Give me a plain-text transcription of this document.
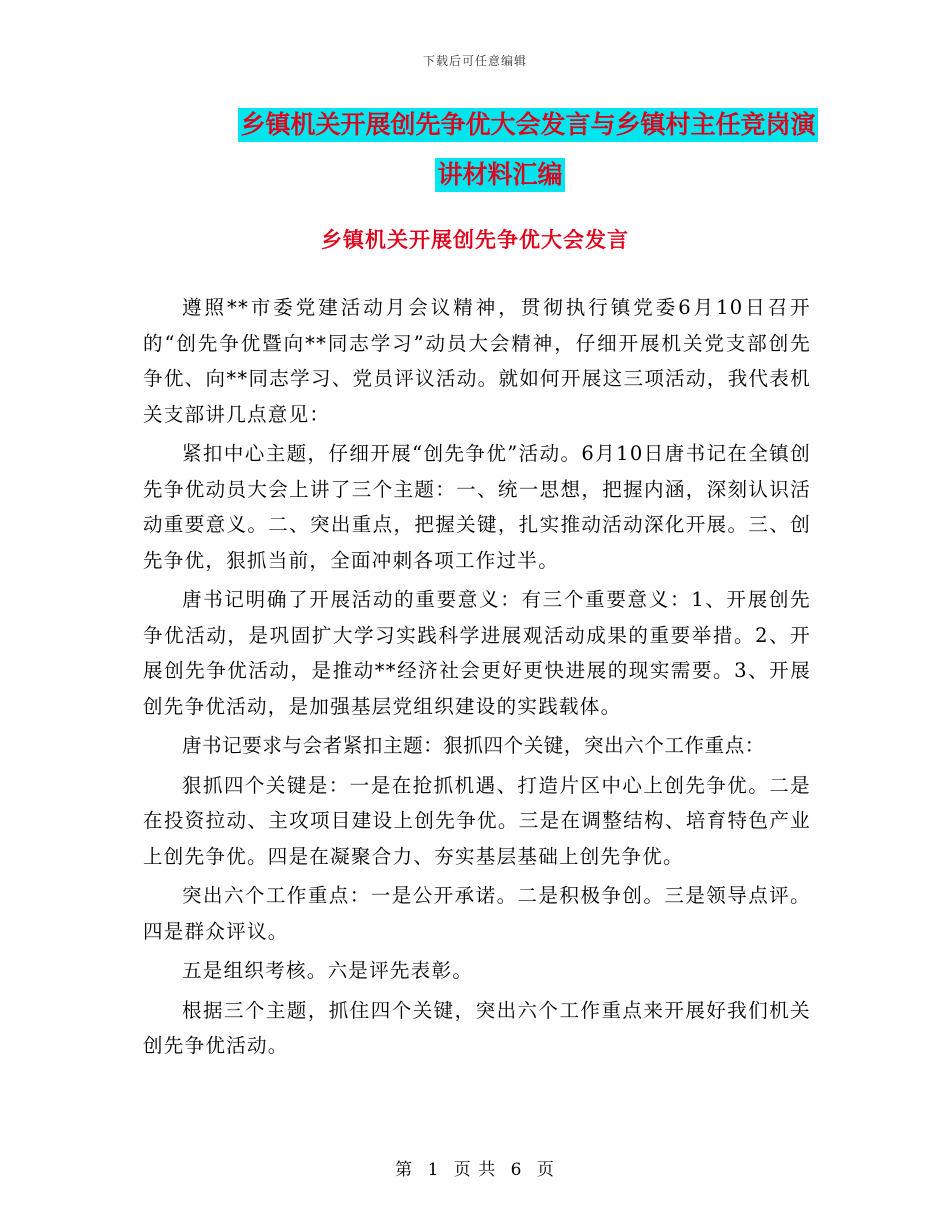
下载后可任意编辑
乡镇机关开展创先争优大会发言与乡镇村主任竞岗演
讲材料汇编
乡镇机关开展创先争优大会发言

遵照**市委党建活动月会议精神，贯彻执行镇党委6月10日召开的“创先争优暨向**同志学习”动员大会精神，仔细开展机关党支部创先争优、向**同志学习、党员评议活动。就如何开展这三项活动，我代表机关支部讲几点意见：

紧扣中心主题，仔细开展“创先争优”活动。6月10日唐书记在全镇创先争优动员大会上讲了三个主题：一、统一思想，把握内涵，深刻认识活动重要意义。二、突出重点，把握关键，扎实推动活动深化开展。三、创先争优，狠抓当前，全面冲刺各项工作过半。

唐书记明确了开展活动的重要意义：有三个重要意义：1、开展创先争优活动，是巩固扩大学习实践科学进展观活动成果的重要举措。2、开展创先争优活动，是推动**经济社会更好更快进展的现实需要。3、开展创先争优活动，是加强基层党组织建设的实践载体。

唐书记要求与会者紧扣主题：狠抓四个关键，突出六个工作重点：

狠抓四个关键是：一是在抢抓机遇、打造片区中心上创先争优。二是在投资拉动、主攻项目建设上创先争优。三是在调整结构、培育特色产业上创先争优。四是在凝聚合力、夯实基层基础上创先争优。

突出六个工作重点：一是公开承诺。二是积极争创。三是领导点评。四是群众评议。

五是组织考核。六是评先表彰。

根据三个主题，抓住四个关键，突出六个工作重点来开展好我们机关创先争优活动。

第 1 页 共 6 页
